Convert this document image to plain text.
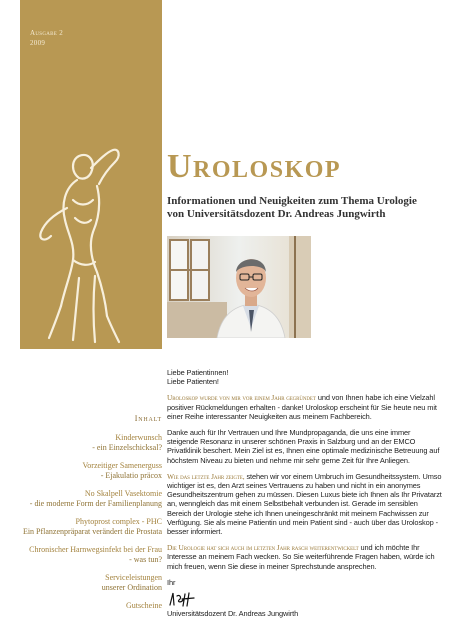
Ausgabe 2
2009
Uroloskop
Informationen und Neuigkeiten zum Thema Urologie
von Universitätsdozent Dr. Andreas Jungwirth
Inhalt
Kinderwunsch
- ein Einzelschicksal?
Vorzeitiger Samenerguss
- Ejakulatio präcox
No Skalpell Vasektomie
- die moderne Form der Familienplanung
Phytoprost complex - PHC
Ein Pflanzenpräparat verändert die Prostata
Chronischer Harnwegsinfekt bei der Frau
- was tun?
Serviceleistungen
unserer Ordination
Gutscheine

Liebe Patientinnen!
Liebe Patienten!

Uroloskop wurde von mir vor einem Jahr gegründet und von Ihnen habe ich eine Vielzahl positiver Rückmeldungen erhalten - danke! Uroloskop erscheint für Sie heute neu mit einer Reihe interessanter Neuigkeiten aus meinem Fachbereich.

Danke auch für Ihr Vertrauen und Ihre Mundpropaganda, die uns eine immer steigende Resonanz in unserer schönen Praxis in Salzburg und an der EMCO Privatklinik beschert. Mein Ziel ist es, Ihnen eine optimale medizinische Betreuung auf höchstem Niveau zu bieten und nehme mir sehr gerne Zeit für Ihre Anliegen.

Wie das letzte Jahr zeigte, stehen wir vor einem Umbruch im Gesundheitssystem. Umso wichtiger ist es, den Arzt seines Vertrauens zu haben und nicht in ein anonymes Gesundheitszentrum gehen zu müssen. Diesen Luxus biete ich Ihnen als Ihr Privatarzt an, wenngleich das mit einem Selbstbehalt verbunden ist. Gerade im sensiblen Bereich der Urologie stehe ich Ihnen uneingeschränkt mit meinem Fachwissen zur Verfügung. Sie als meine Patientin und mein Patient sind - auch über das Uroloskop - besser informiert.

Die Urologie hat sich auch im letzten Jahr rasch weiterentwickelt und ich möchte Ihr Interesse an meinem Fach wecken. So Sie weiterführende Fragen haben, würde ich mich freuen, wenn Sie diese in meiner Sprechstunde ansprechen.

Ihr
Universitätsdozent Dr. Andreas Jungwirth
